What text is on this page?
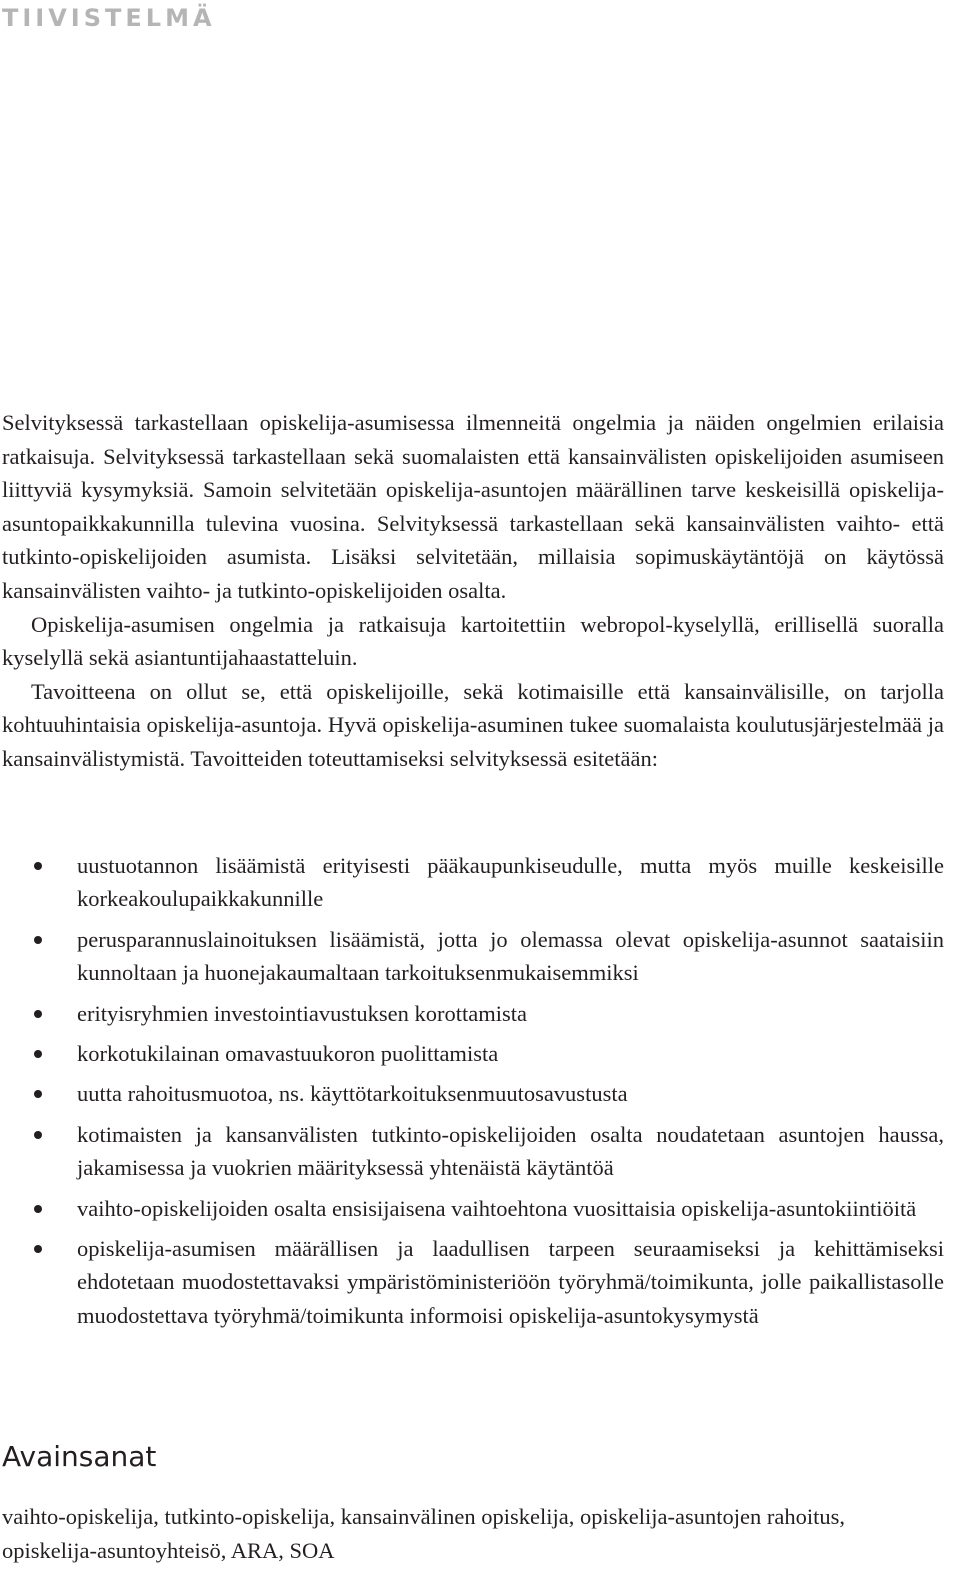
TIIVISTELMÄ

Selvityksessä tarkastellaan opiskelija-asumisessa ilmenneitä ongelmia ja näiden ongelmien erilaisia ratkaisuja. Selvityksessä tarkastellaan sekä suomalaisten että kansainvälisten opiskelijoiden asumiseen liittyviä kysymyksiä. Samoin selvitetään opiskelija-asuntojen määrällinen tarve keskeisillä opiskelija-asuntopaikkakunnilla tulevina vuosina. Selvityksessä tarkastellaan sekä kansainvälisten vaihto- että tutkinto-opiskelijoiden asumista. Lisäksi selvitetään, millaisia sopimuskäytäntöjä on käytössä kansainvälisten vaihto- ja tutkinto-opiskelijoiden osalta.

Opiskelija-asumisen ongelmia ja ratkaisuja kartoitettiin webropol-kyselyllä, erillisellä suoralla kyselyllä sekä asiantuntijahaastatteluin.

Tavoitteena on ollut se, että opiskelijoille, sekä kotimaisille että kansainvälisille, on tarjolla kohtuuhintaisia opiskelija-asuntoja. Hyvä opiskelija-asuminen tukee suomalaista koulutusjärjestelmää ja kansainvälistymistä. Tavoitteiden toteuttamiseksi selvityksessä esitetään:

uustuotannon lisäämistä erityisesti pääkaupunkiseudulle, mutta myös muille keskeisille korkeakoulupaikkakunnille
perusparannuslainoituksen lisäämistä, jotta jo olemassa olevat opiskelija-asunnot saataisiin kunnoltaan ja huonejakaumaltaan tarkoituksenmukaisemmiksi
erityisryhmien investointiavustuksen korottamista
korkotukilainan omavastuukoron puolittamista
uutta rahoitusmuotoa, ns. käyttötarkoituksenmuutosavustusta
kotimaisten ja kansanvälisten tutkinto-opiskelijoiden osalta noudatetaan asuntojen haussa, jakamisessa ja vuokrien määrityksessä yhtenäistä käytäntöä
vaihto-opiskelijoiden osalta ensisijaisena vaihtoehtona vuosittaisia opiskelija-asuntokiintiöitä
opiskelija-asumisen määrällisen ja laadullisen tarpeen seuraamiseksi ja kehittämiseksi ehdotetaan muodostettavaksi ympäristöministeriöön työryhmä/toimikunta, jolle paikallistasolle muodostettava työryhmä/toimikunta informoisi opiskelija-asuntokysymystä
Avainsanat

vaihto-opiskelija, tutkinto-opiskelija, kansainvälinen opiskelija, opiskelija-asuntojen rahoitus, opiskelija-asuntoyhteisö, ARA, SOA
